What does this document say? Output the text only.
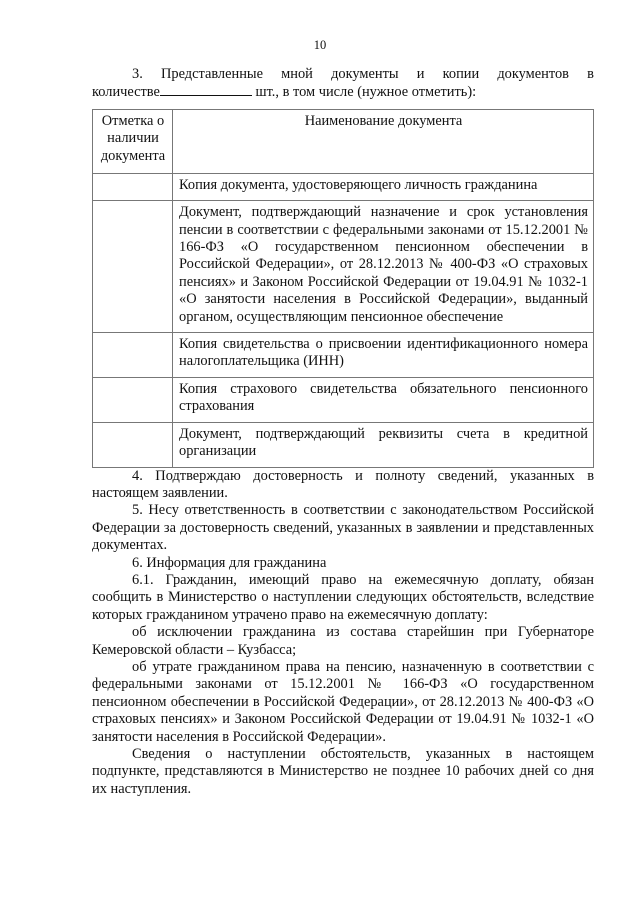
10
3. Представленные мной документы и копии документов в
количестве	шт., в том числе (нужное отметить):
Отметка о наличии документа	Наименование документа
	Копия документа, удостоверяющего личность гражданина
	Документ, подтверждающий назначение и срок установления пенсии в соответствии с федеральными законами от 15.12.2001 № 166-ФЗ «О государственном пенсионном обеспечении в Российской Федерации», от 28.12.2013 № 400-ФЗ «О страховых пенсиях» и Законом Российской Федерации от 19.04.91 № 1032-1 «О занятости населения в Российской Федерации», выданный органом, осуществляющим пенсионное обеспечение
	Копия свидетельства о присвоении идентификационного номера налогоплательщика (ИНН)
	Копия страхового свидетельства обязательного пенсионного страхования
	Документ, подтверждающий реквизиты счета в кредитной организации

4. Подтверждаю достоверность и полноту сведений, указанных в настоящем заявлении.

5. Несу ответственность в соответствии с законодательством Российской Федерации за достоверность сведений, указанных в заявлении и представленных документах.

6. Информация для гражданина

6.1. Гражданин, имеющий право на ежемесячную доплату, обязан сообщить в Министерство о наступлении следующих обстоятельств, вследствие которых гражданином утрачено право на ежемесячную доплату:

об исключении гражданина из состава старейшин при Губернаторе Кемеровской области – Кузбасса;

об утрате гражданином права на пенсию, назначенную в соответствии с федеральными законами от 15.12.2001 № 166-ФЗ «О государственном пенсионном обеспечении в Российской Федерации», от 28.12.2013 № 400-ФЗ «О страховых пенсиях» и Законом Российской Федерации от 19.04.91 № 1032-1 «О занятости населения в Российской Федерации».

Сведения о наступлении обстоятельств, указанных в настоящем подпункте, представляются в Министерство не позднее 10 рабочих дней со дня их наступления.
